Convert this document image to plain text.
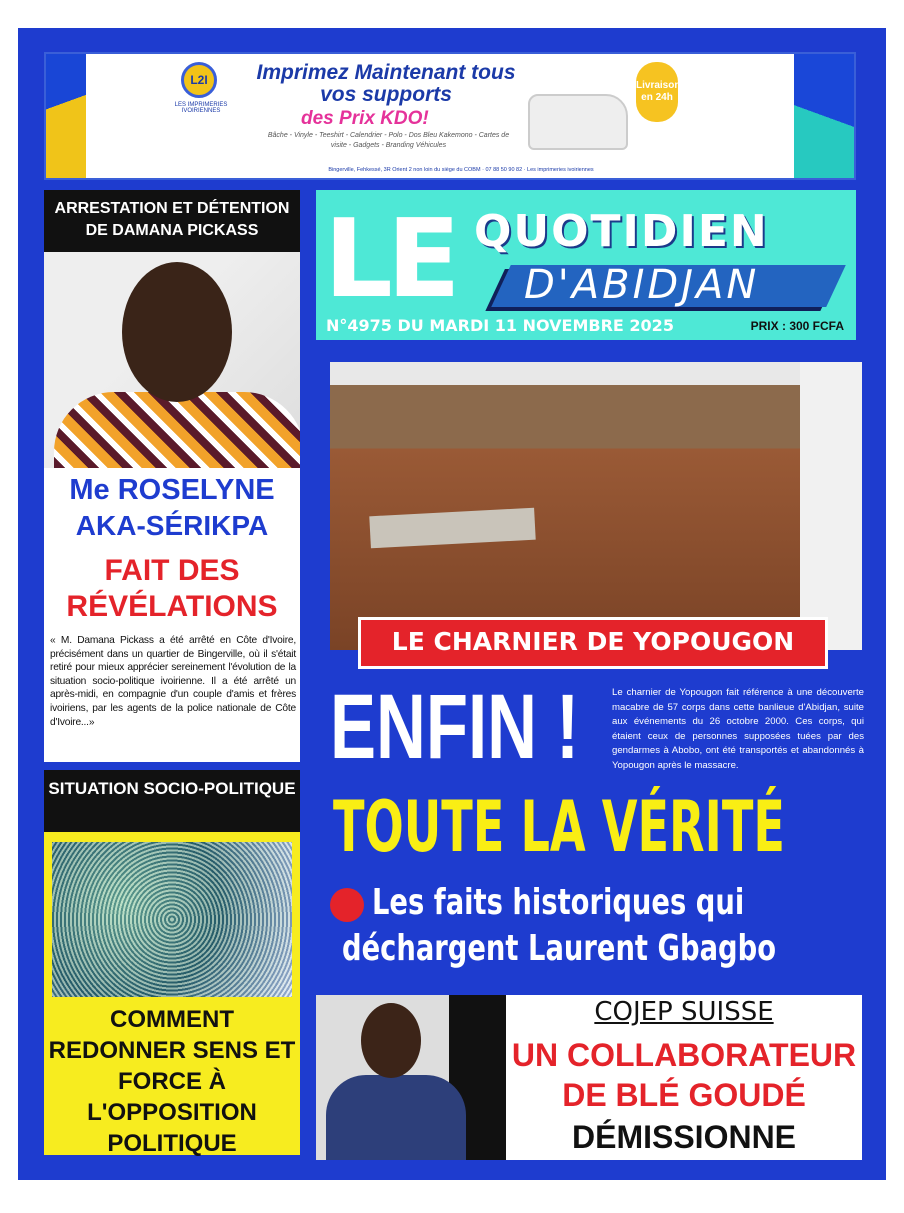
L2I
LES IMPRIMERIES IVOIRIENNES
Imprimez Maintenant tous vos supports
des Prix KDO!
Bâche - Vinyle - Teeshirt - Calendrier - Polo - Dos Bleu Kakemono - Cartes de visite - Gadgets - Branding Véhicules
Bingerville, Fehkessé, 3R Orient 2 non loin du siège du COBM · 07 88 50 90 82 · Les imprimeries ivoiriennes
Livraison en 24h
ARRESTATION ET DÉTENTION DE DAMANA PICKASS
Me ROSELYNE
AKA-SÉRIKPA
FAIT DES
RÉVÉLATIONS
« M. Damana Pickass a été arrêté en Côte d'Ivoire, précisément dans un quartier de Bingerville, où il s'était retiré pour mieux apprécier sereinement l'évolution de la situation socio-politique ivoirienne. Il a été arrêté un après-midi, en compagnie d'un couple d'amis et frères ivoiriens, par les agents de la police nationale de Côte d'Ivoire...»
SITUATION SOCIO-POLITIQUE
COMMENT REDONNER SENS ET FORCE À L'OPPOSITION POLITIQUE
LE QUOTIDIEN
D'ABIDJAN
N°4975 DU MARDI 11 NOVEMBRE 2025	PRIX : 300 FCFA
LE CHARNIER DE YOPOUGON
ENFIN !	Le charnier de Yopougon fait référence à une découverte macabre de 57 corps dans cette banlieue d'Abidjan, suite aux événements du 26 octobre 2000. Ces corps, qui étaient ceux de personnes supposées tuées par des gendarmes à Abobo, ont été transportés et abandonnés à Yopougon après le massacre.
TOUTE LA VÉRITÉ
Les faits historiques qui
déchargent Laurent Gbagbo
COJEP SUISSE
UN COLLABORATEUR
DE BLÉ GOUDÉ
DÉMISSIONNE
